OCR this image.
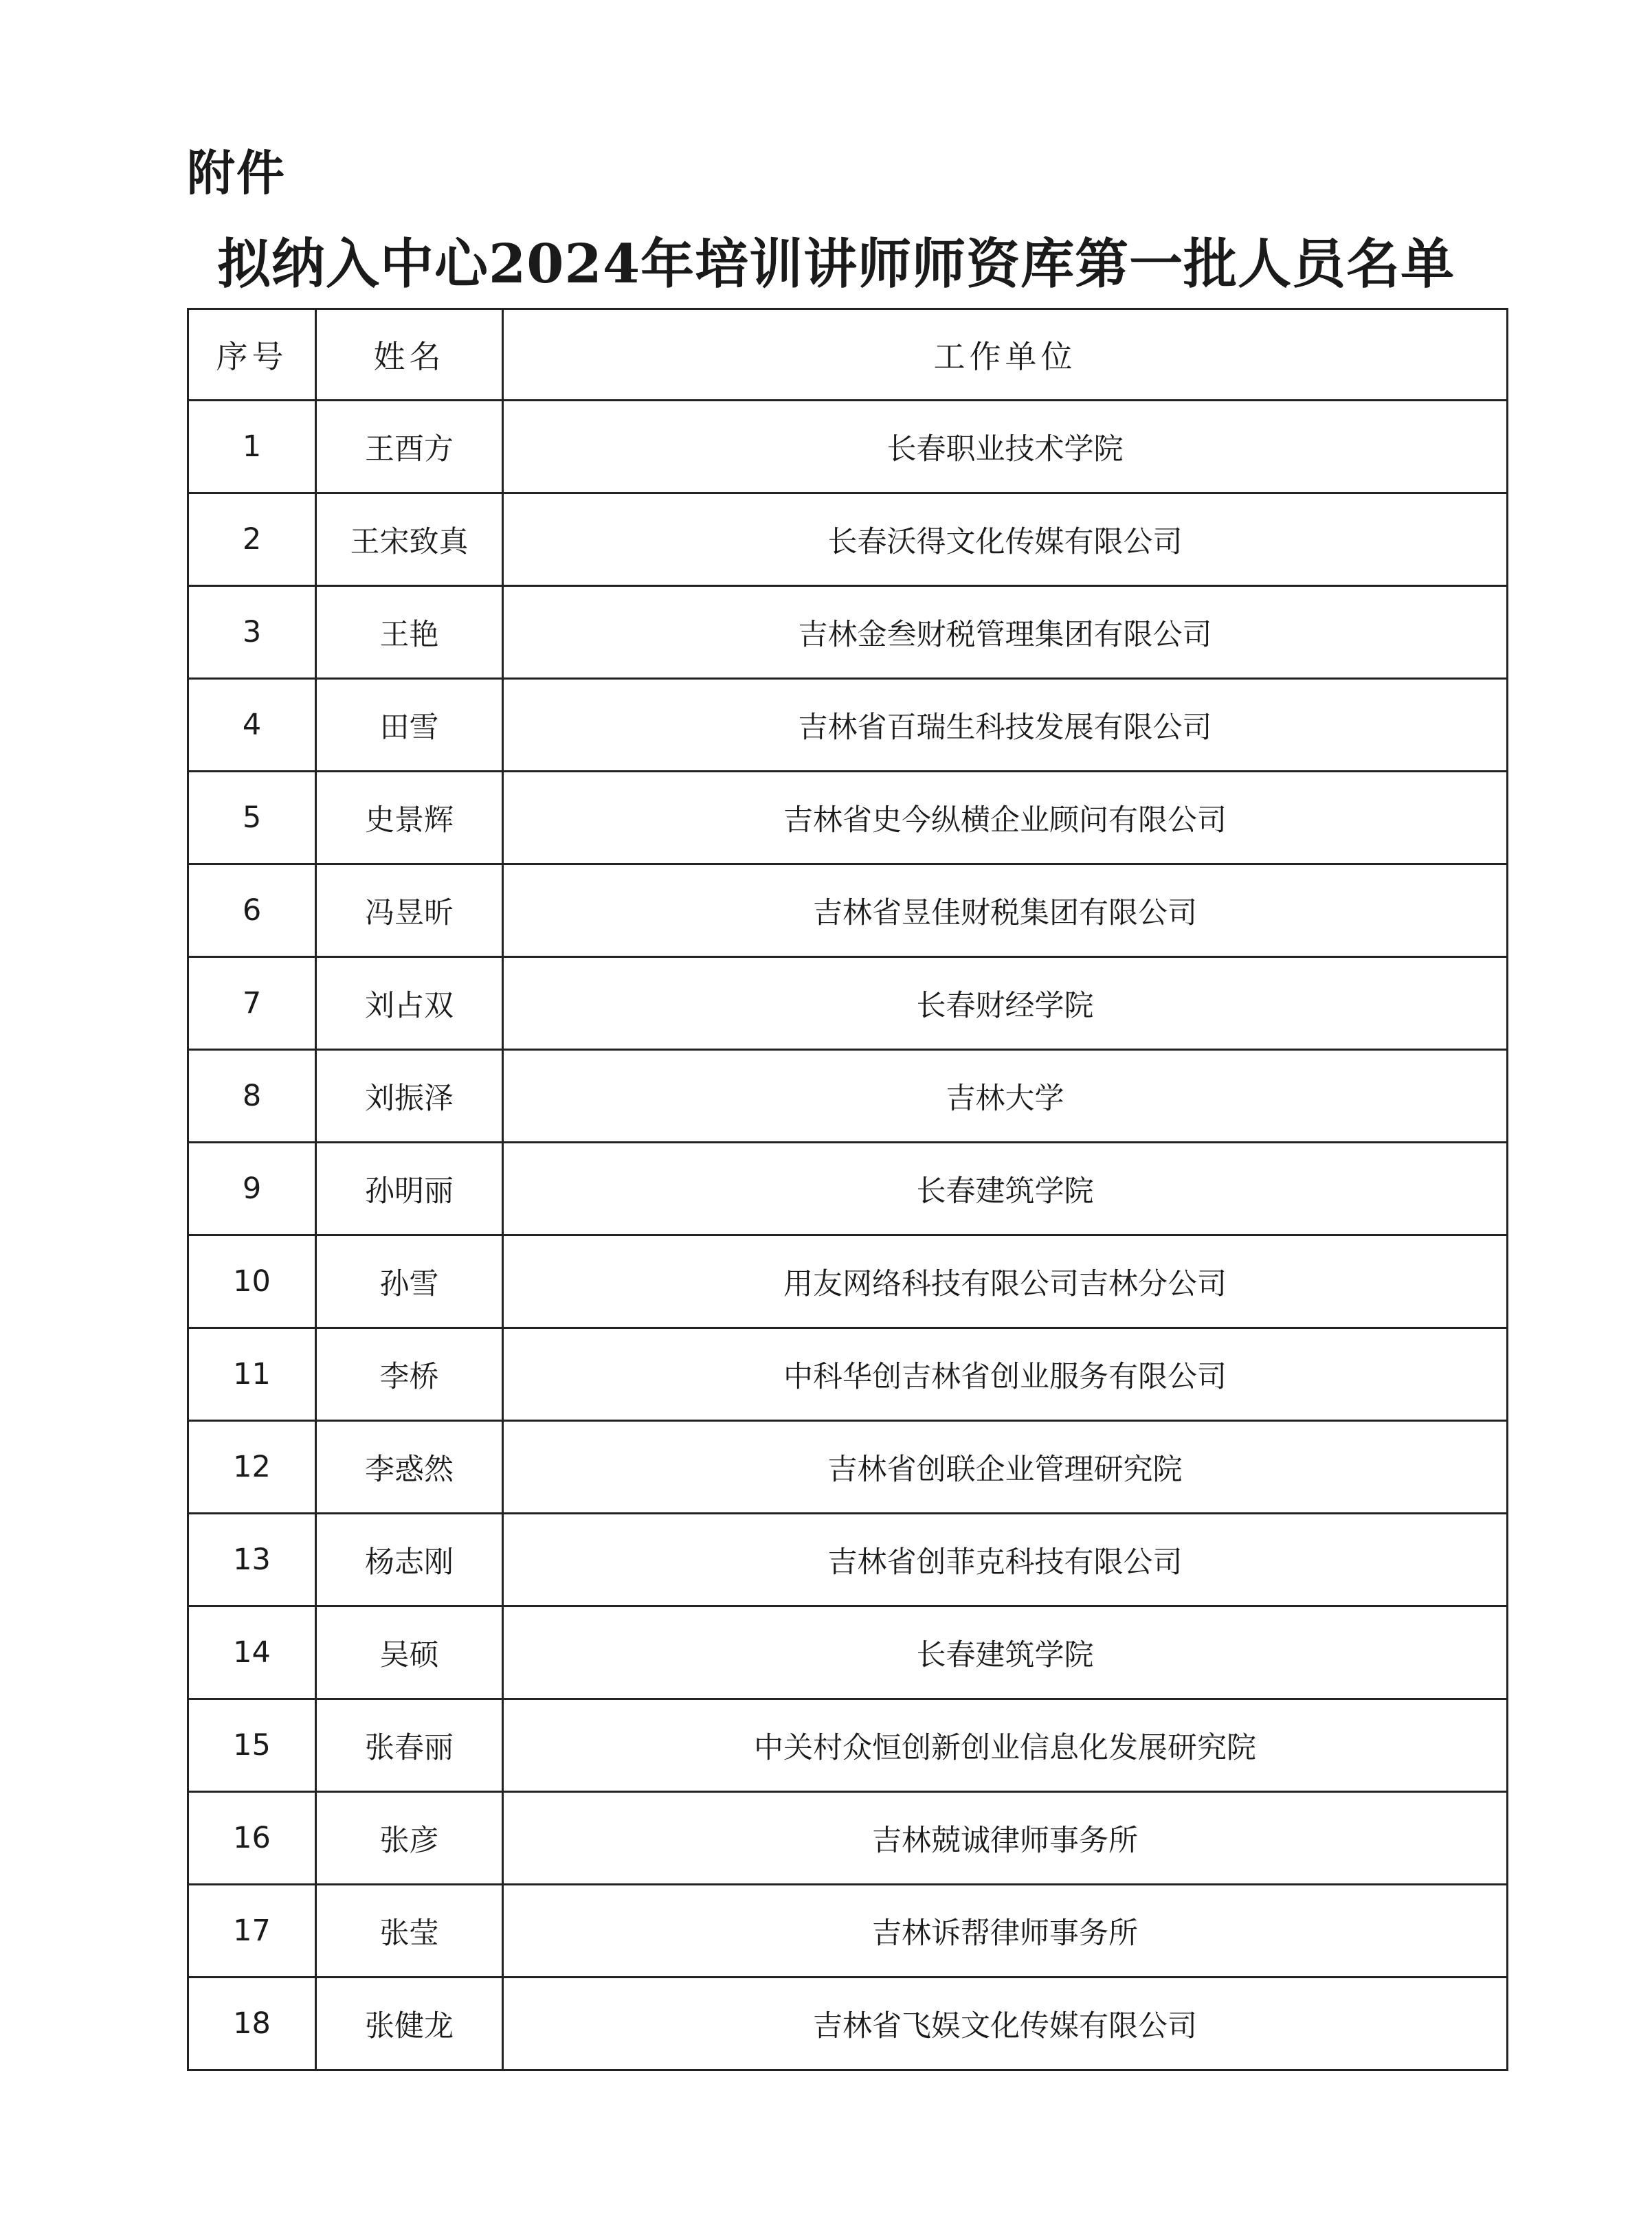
附件
拟纳入中心2024年培训讲师师资库第一批人员名单
序号	姓名	工作单位
1	王酉方	长春职业技术学院
2	王宋致真	长春沃得文化传媒有限公司
3	王艳	吉林金叁财税管理集团有限公司
4	田雪	吉林省百瑞生科技发展有限公司
5	史景辉	吉林省史今纵横企业顾问有限公司
6	冯昱昕	吉林省昱佳财税集团有限公司
7	刘占双	长春财经学院
8	刘振泽	吉林大学
9	孙明丽	长春建筑学院
10	孙雪	用友网络科技有限公司吉林分公司
11	李桥	中科华创吉林省创业服务有限公司
12	李惑然	吉林省创联企业管理研究院
13	杨志刚	吉林省创菲克科技有限公司
14	吴硕	长春建筑学院
15	张春丽	中关村众恒创新创业信息化发展研究院
16	张彦	吉林兢诚律师事务所
17	张莹	吉林诉帮律师事务所
18	张健龙	吉林省飞娱文化传媒有限公司
